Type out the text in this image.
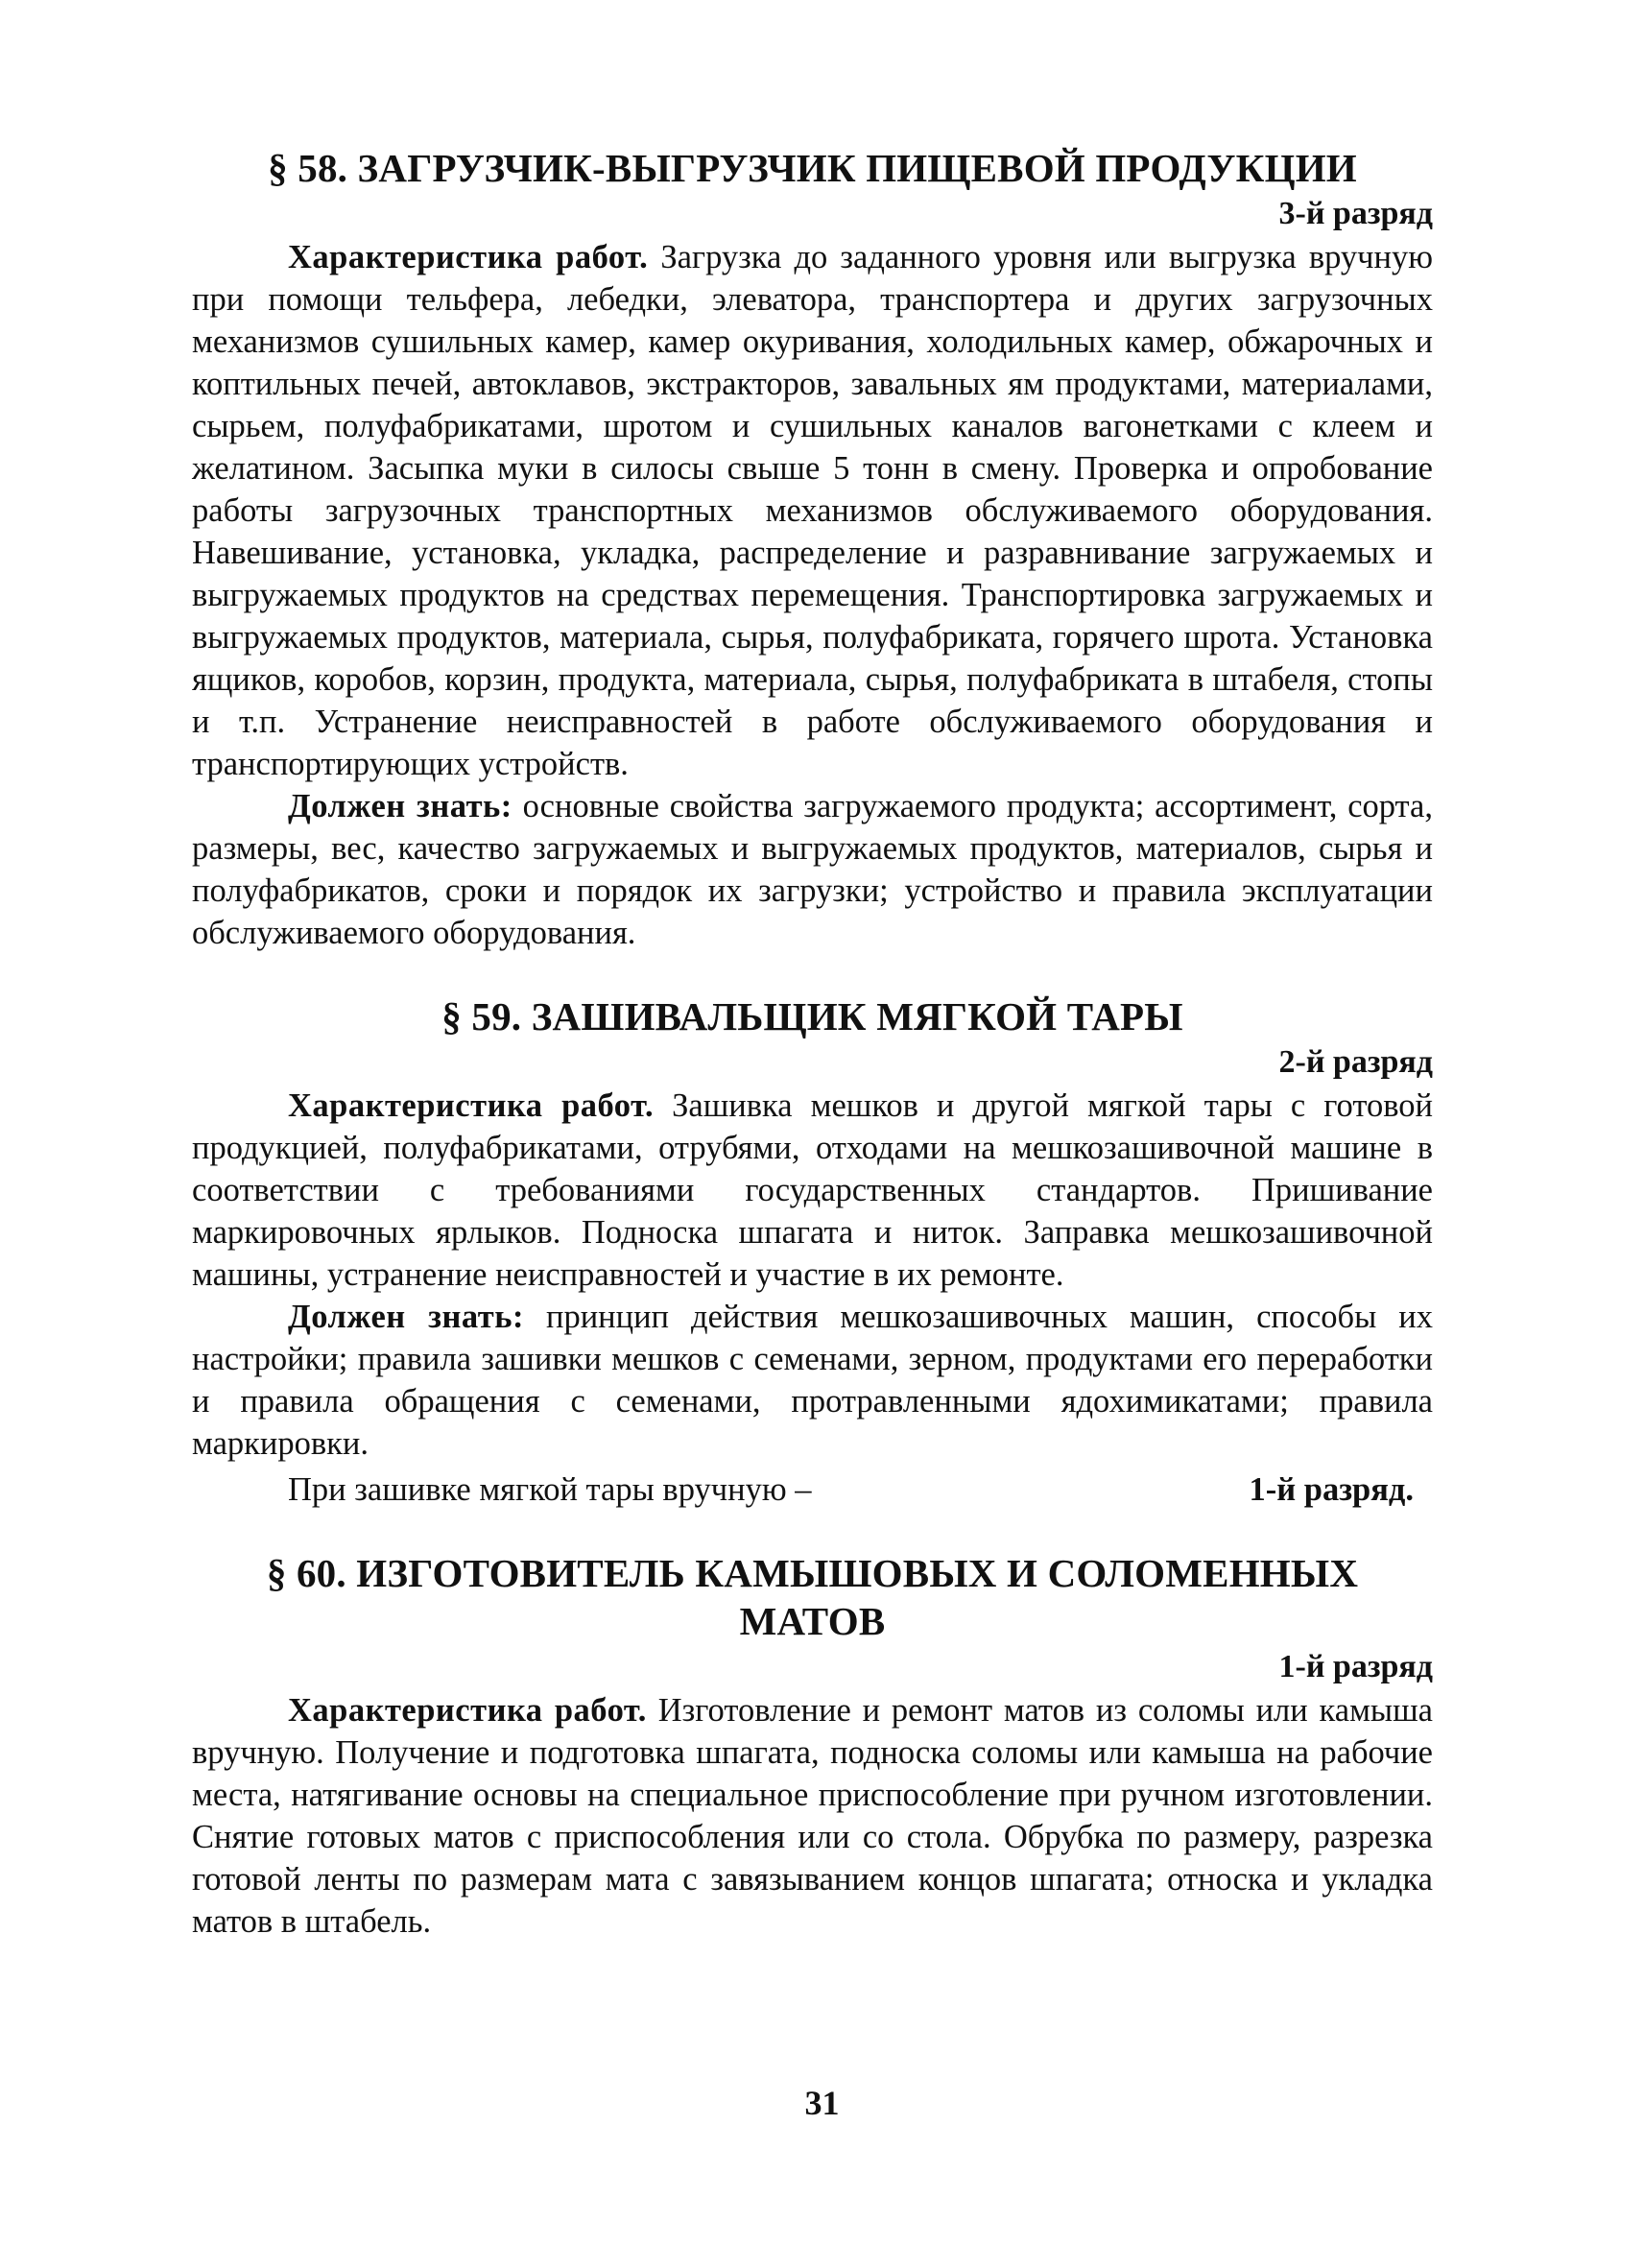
§ 58. ЗАГРУЗЧИК-ВЫГРУЗЧИК ПИЩЕВОЙ ПРОДУКЦИИ

3-й разряд

Характеристика работ. Загрузка до заданного уровня или выгрузка вручную при помощи тельфера, лебедки, элеватора, транспортера и других загрузочных механизмов сушильных камер, камер окуривания, холодильных камер, обжарочных и коптильных печей, автоклавов, экстракторов, завальных ям продуктами, материалами, сырьем, полуфабрикатами, шротом и сушильных каналов вагонетками с клеем и желатином. Засыпка муки в силосы свыше 5 тонн в смену. Проверка и опробование работы загрузочных транспортных механизмов обслуживаемого оборудования. Навешивание, установка, укладка, распределение и разравнивание загружаемых и выгружаемых продуктов на средствах перемещения. Транспортировка загружаемых и выгружаемых продуктов, материала, сырья, полуфабриката, горячего шрота. Установка ящиков, коробов, корзин, продукта, материала, сырья, полуфабриката в штабеля, стопы и т.п. Устранение неисправностей в работе обслуживаемого оборудования и транспортирующих устройств.

Должен знать: основные свойства загружаемого продукта; ассортимент, сорта, размеры, вес, качество загружаемых и выгружаемых продуктов, материалов, сырья и полуфабрикатов, сроки и порядок их загрузки; устройство и правила эксплуатации обслуживаемого оборудования.

§ 59. ЗАШИВАЛЬЩИК МЯГКОЙ ТАРЫ

2-й разряд

Характеристика работ. Зашивка мешков и другой мягкой тары с готовой продукцией, полуфабрикатами, отрубями, отходами на мешкозашивочной машине в соответствии с требованиями государственных стандартов. Пришивание маркировочных ярлыков. Подноска шпагата и ниток. Заправка мешкозашивочной машины, устранение неисправностей и участие в их ремонте.

Должен знать: принцип действия мешкозашивочных машин, способы их настройки; правила зашивки мешков с семенами, зерном, продуктами его переработки и правила обращения с семенами, протравленными ядохимикатами; правила маркировки.

При зашивке мягкой тары вручную –	1-й разряд.

§ 60. ИЗГОТОВИТЕЛЬ КАМЫШОВЫХ И СОЛОМЕННЫХ МАТОВ

1-й разряд

Характеристика работ. Изготовление и ремонт матов из соломы или камыша вручную. Получение и подготовка шпагата, подноска соломы или камыша на рабочие места, натягивание основы на специальное приспособление при ручном изготовлении. Снятие готовых матов с приспособления или со стола. Обрубка по размеру, разрезка готовой ленты по размерам мата с завязыванием концов шпагата; относка и укладка матов в штабель.

31
